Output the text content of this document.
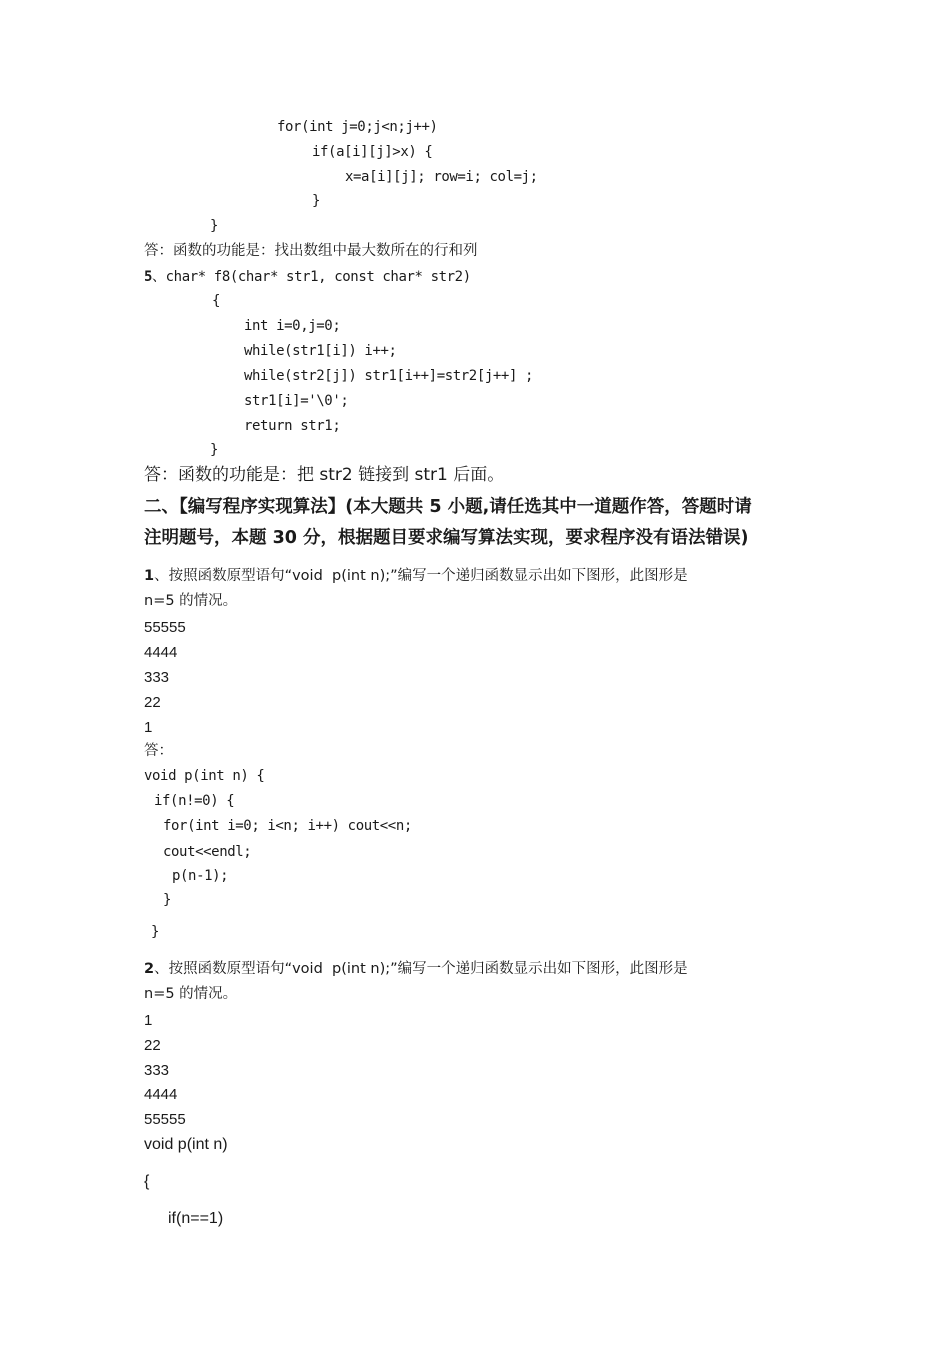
for(int j=0;j<n;j++)
if(a[i][j]>x) {
x=a[i][j]; row=i; col=j;
}
}
答：函数的功能是：找出数组中最大数所在的行和列
5、char* f8(char* str1, const char* str2)
{
int i=0,j=0;
while(str1[i]) i++;
while(str2[j]) str1[i++]=str2[j++] ;
str1[i]='\0';
return str1;
}
答：函数的功能是：把 str2 链接到 str1 后面。
二、【编写程序实现算法】(本大题共 5 小题,请任选其中一道题作答，答题时请
注明题号，本题 30 分，根据题目要求编写算法实现，要求程序没有语法错误)
1、按照函数原型语句“void  p(int n);”编写一个递归函数显示出如下图形，此图形是
n=5 的情况。
55555
4444
333
22
1
答：
void p(int n) {
if(n!=0) {
for(int i=0; i<n; i++) cout<<n;
cout<<endl;
p(n-1);
}
}
2、按照函数原型语句“void  p(int n);”编写一个递归函数显示出如下图形，此图形是
n=5 的情况。
1
22
333
4444
55555
void p(int n)
{
if(n==1)
